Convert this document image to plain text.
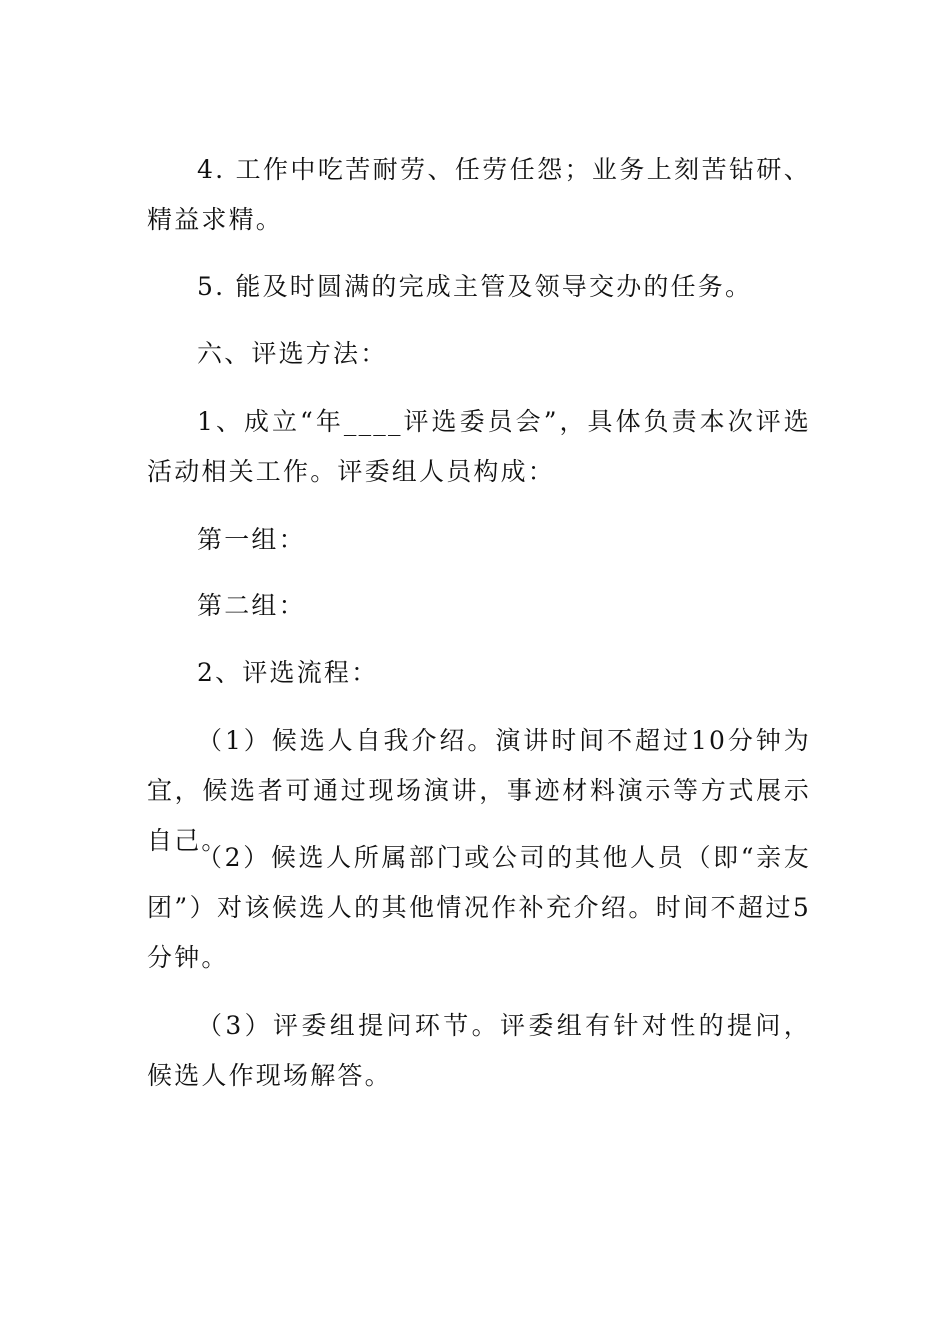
4. 工作中吃苦耐劳、任劳任怨；业务上刻苦钻研、精益求精。
5. 能及时圆满的完成主管及领导交办的任务。
六、评选方法：
1、成立“年____评选委员会”，具体负责本次评选活动相关工作。评委组人员构成：
第一组：
第二组：
2、评选流程：
（1）候选人自我介绍。演讲时间不超过10分钟为宜，候选者可通过现场演讲，事迹材料演示等方式展示自己。
（2）候选人所属部门或公司的其他人员（即“亲友团”）对该候选人的其他情况作补充介绍。时间不超过5分钟。
（3）评委组提问环节。评委组有针对性的提问，候选人作现场解答。
